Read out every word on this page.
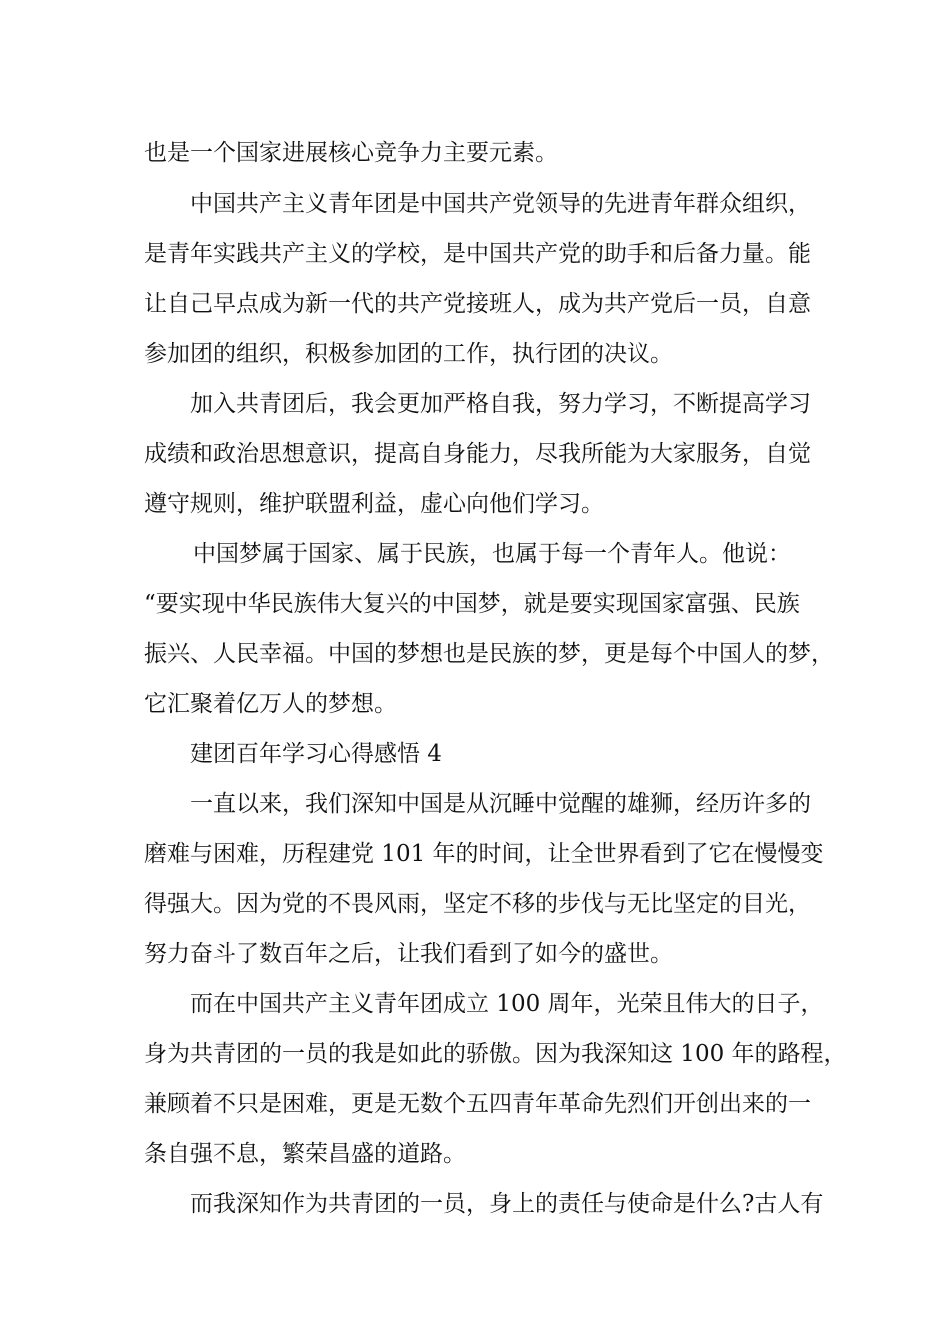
也是一个国家进展核心竞争力主要元素。

中国共产主义青年团是中国共产党领导的先进青年群众组织，

是青年实践共产主义的学校，是中国共产党的助手和后备力量。能

让自己早点成为新一代的共产党接班人，成为共产党后一员，自意

参加团的组织，积极参加团的工作，执行团的决议。

加入共青团后，我会更加严格自我，努力学习，不断提高学习

成绩和政治思想意识，提高自身能力，尽我所能为大家服务，自觉

遵守规则，维护联盟利益，虚心向他们学习。

中国梦属于国家、属于民族，也属于每一个青年人。他说：

“要实现中华民族伟大复兴的中国梦，就是要实现国家富强、民族

振兴、人民幸福。中国的梦想也是民族的梦，更是每个中国人的梦，

它汇聚着亿万人的梦想。

建团百年学习心得感悟 4

一直以来，我们深知中国是从沉睡中觉醒的雄狮，经历许多的

磨难与困难，历程建党 101 年的时间，让全世界看到了它在慢慢变

得强大。因为党的不畏风雨，坚定不移的步伐与无比坚定的目光，

努力奋斗了数百年之后，让我们看到了如今的盛世。

而在中国共产主义青年团成立 100 周年，光荣且伟大的日子，

身为共青团的一员的我是如此的骄傲。因为我深知这 100 年的路程，

兼顾着不只是困难，更是无数个五四青年革命先烈们开创出来的一

条自强不息，繁荣昌盛的道路。

而我深知作为共青团的一员，身上的责任与使命是什么?古人有
